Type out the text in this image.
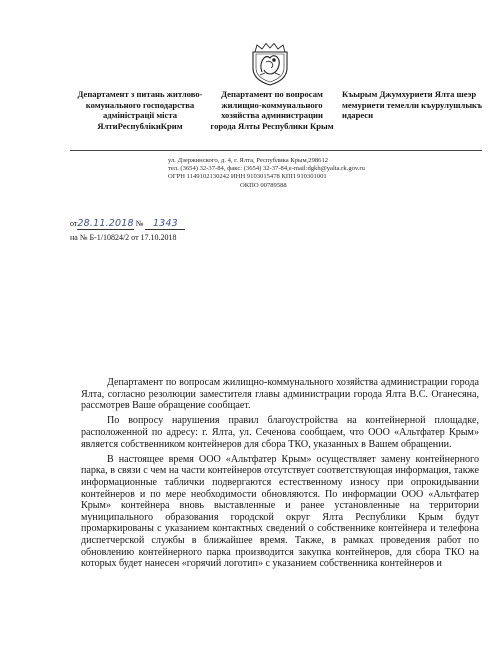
Департамент з питань житлово-комунального господарства адміністрації міста ЯлтиРеспублікиКрим
Департамент по вопросам жилищно-коммунального хозяйства администрации города Ялты Республики Крым
Къырым Джумхуриети Ялта шеэр мемуриети темелли къурулушлыкъ идареси
ул. Дзержинского, д. 4, г. Ялта, Республика Крым,298612
тел. (3654) 32-37-84, факс: (3654) 32-37-84,e-mail:dgkh@yalta.rk.gov.ru
ОГРН 1149102130242 ИНН 9103015478 КПП 910301001
ОКПО 00789588
от28.11.2018 № 1343
на № Б-1/10824/2 от 17.10.2018

Департамент по вопросам жилищно-коммунального хозяйства администрации города Ялта, согласно резолюции заместителя главы администрации города Ялта В.С. Оганесяна, рассмотрев Ваше обращение сообщает.

По вопросу нарушения правил благоустройства на контейнерной площадке, расположенной по адресу: г. Ялта, ул. Сеченова сообщаем, что ООО «Альтфатер Крым» является собственником контейнеров для сбора ТКО, указанных в Вашем обращении.

В настоящее время ООО «Альтфатер Крым» осуществляет замену контейнерного парка, в связи с чем на части контейнеров отсутствует соответствующая информация, также информационные таблички подвергаются естественному износу при опрокидывании контейнеров и по мере необходимости обновляются. По информации ООО «Альтфатер Крым» контейнера вновь выставленные и ранее установленные на территории муниципального образования городской округ Ялта Республики Крым будут промаркированы с указанием контактных сведений о собственнике контейнера и телефона диспетчерской службы в ближайшее время. Также, в рамках проведения работ по обновлению контейнерного парка производится закупка контейнеров, для сбора ТКО на которых будет нанесен «горячий логотип» с указанием собственника контейнеров и
